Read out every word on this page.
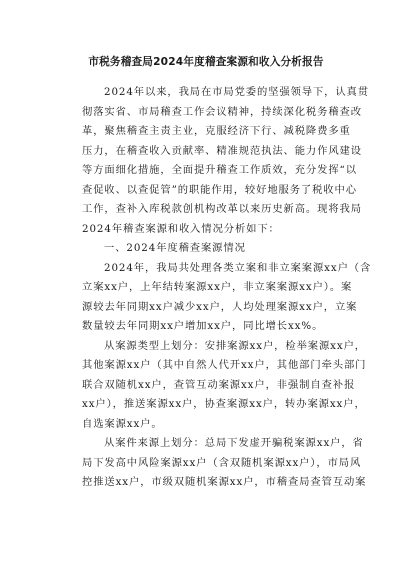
市税务稽查局2024年度稽查案源和收入分析报告

2024年以来，我局在市局党委的坚强领导下，认真贯
彻落实省、市局稽查工作会议精神，持续深化税务稽查改
革，聚焦稽查主责主业，克服经济下行、减税降费多重
压力，在稽查收入贡献率、精准规范执法、能力作风建设
等方面细化措施，全面提升稽查工作质效，充分发挥“以
查促收、以查促管”的职能作用，较好地服务了税收中心
工作，查补入库税款创机构改革以来历史新高。现将我局
2024年稽查案源和收入情况分析如下：

一、2024年度稽查案源情况

2024年，我局共处理各类立案和非立案案源xx户（含
立案xx户，上年结转案源xx户，非立案案源xx户）。案
源较去年同期xx户减少xx户，人均处理案源xx户，立案
数量较去年同期xx户增加xx户，同比增长xx%。

从案源类型上划分：安排案源xx户，检举案源xx户，
其他案源xx户（其中自然人代开xx户，其他部门牵头部门
联合双随机xx户，查管互动案源xx户，非强制自查补报
xx户），推送案源xx户，协查案源xx户，转办案源xx户，
自选案源xx户。

从案件来源上划分：总局下发虚开骗税案源xx户，省
局下发高中风险案源xx户（含双随机案源xx户），市局风
控推送xx户，市级双随机案源xx户，市稽查局查管互动案
